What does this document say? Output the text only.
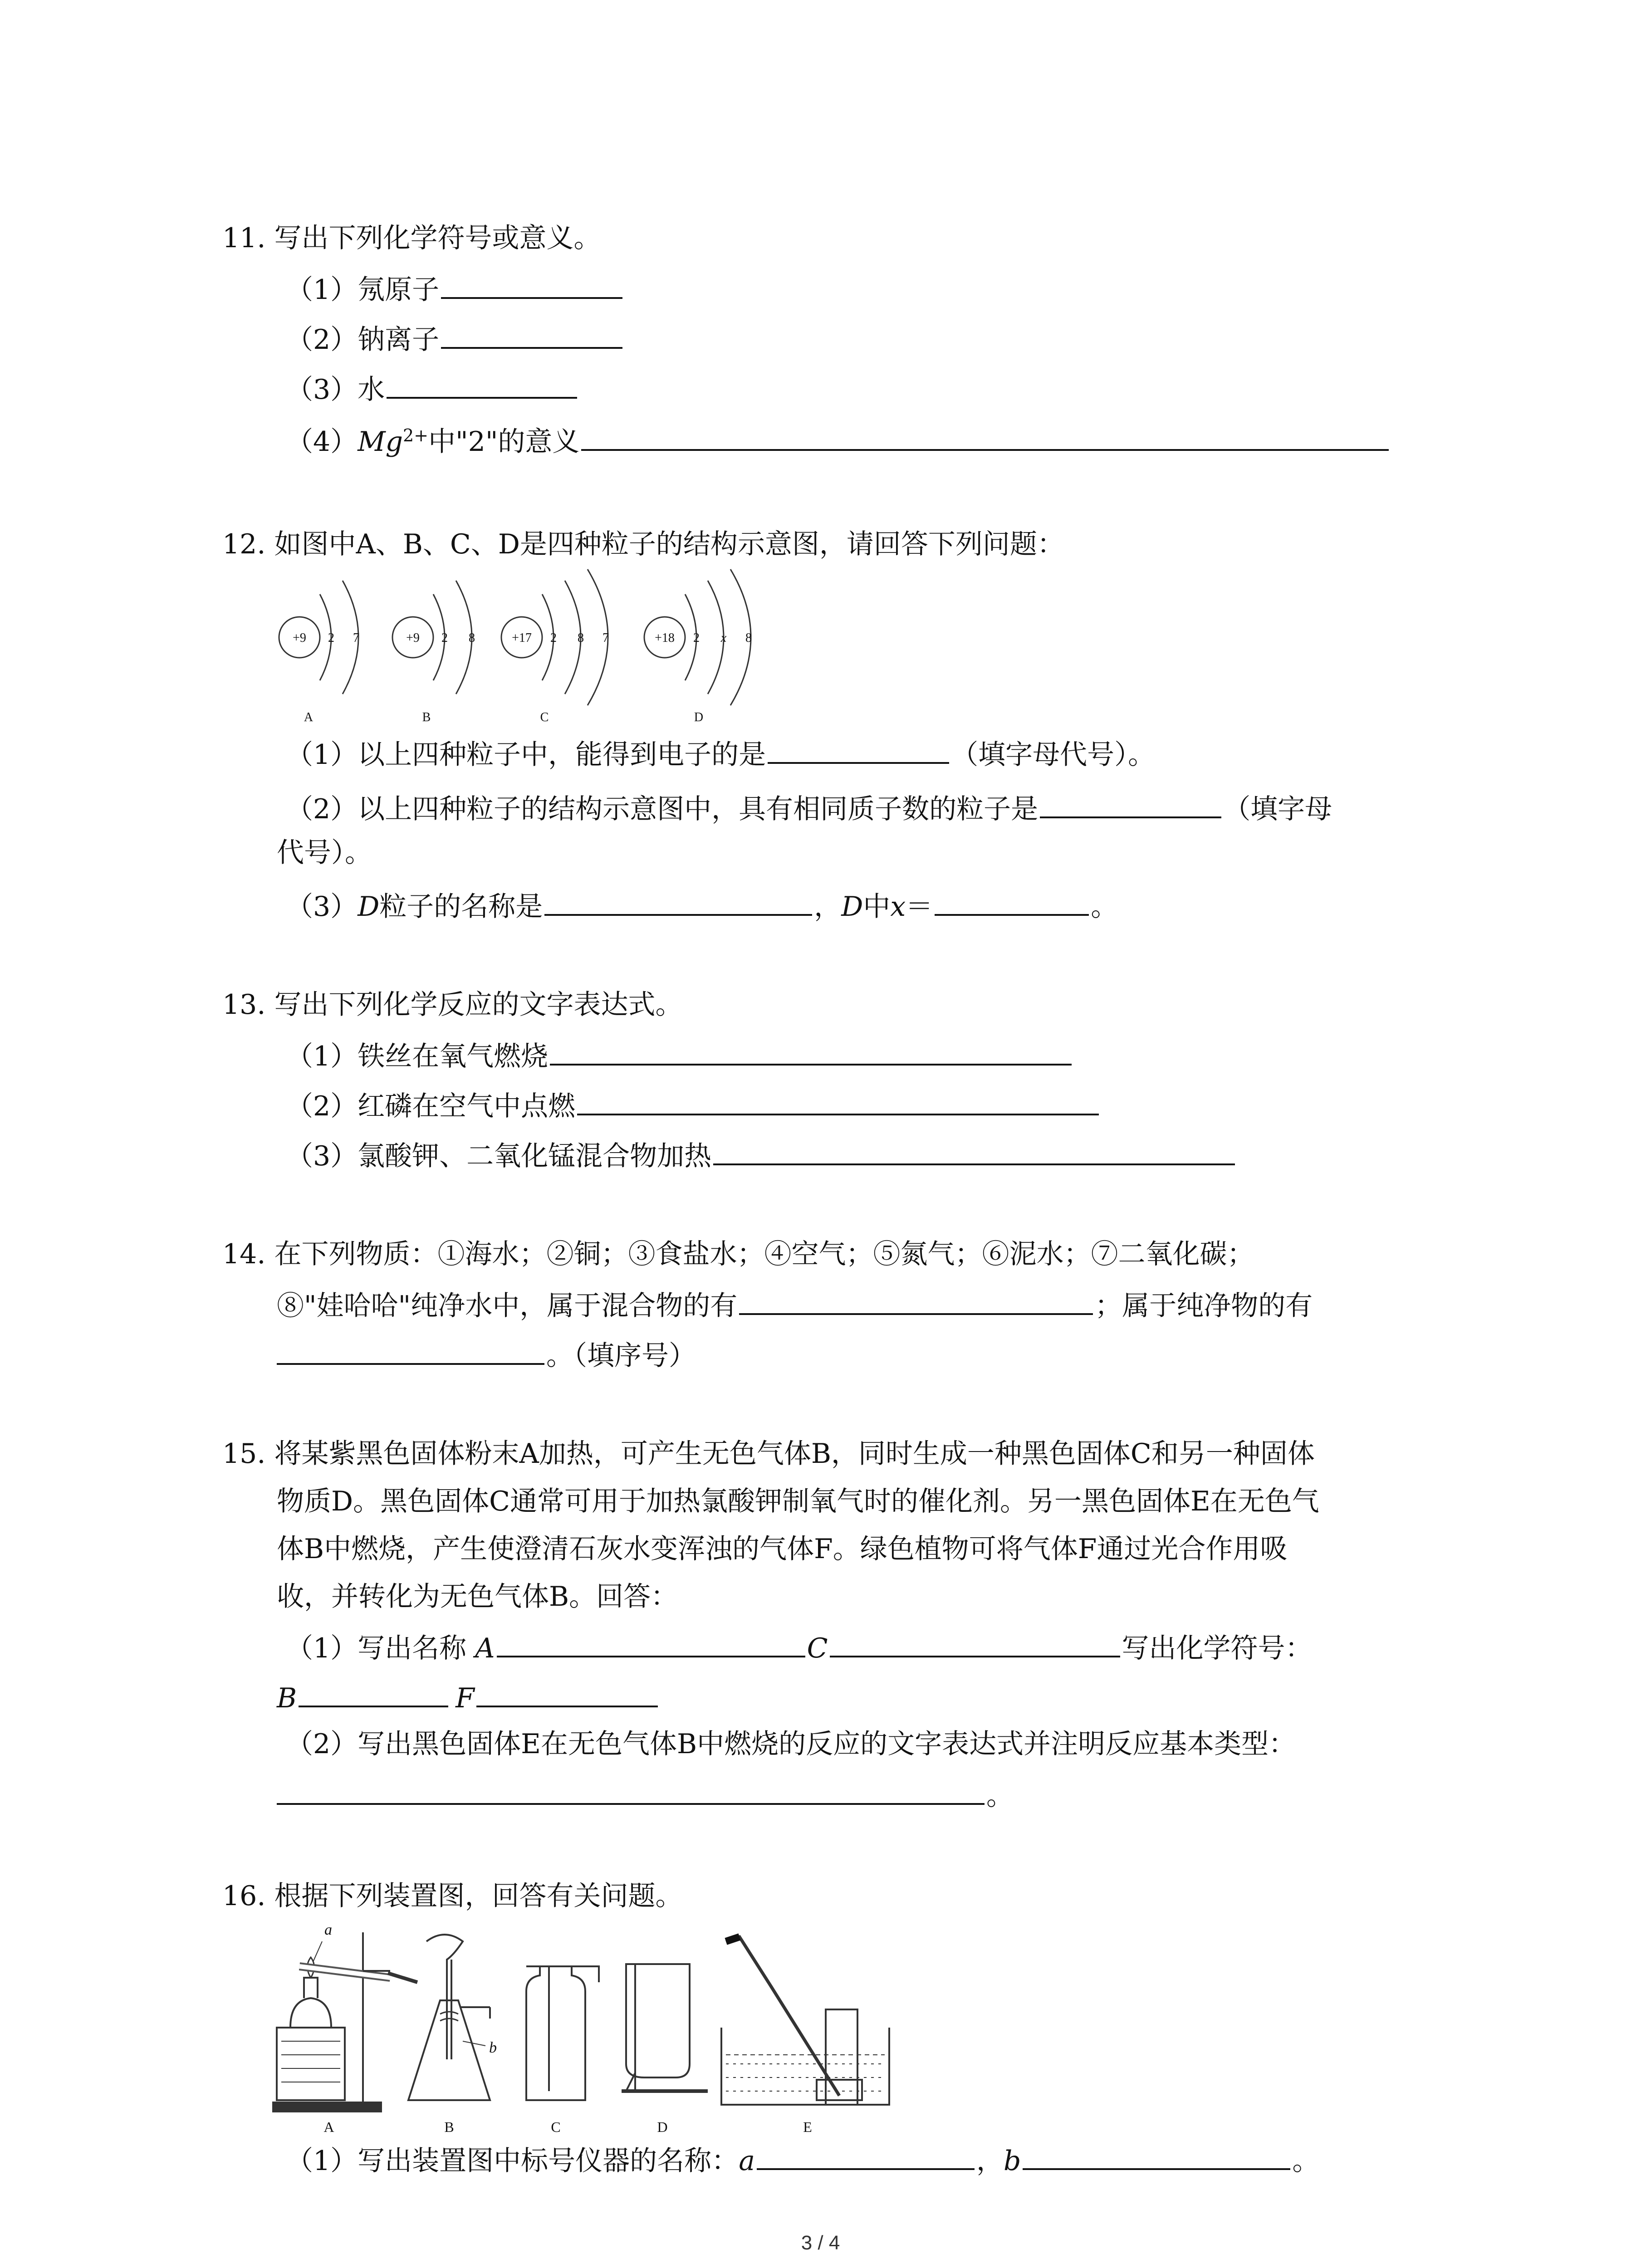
11. 写出下列化学符号或意义。
（1）氖原子
（2）钠离子
（3）水
$(4)Mg^{2+}$中"2"的意义
12. 如图中A、B、C、D是四种粒子的结构示意图，请回答下列问题：
+9 2 7
A
+9 2 8
B
+17 2 8 7
C
+18 2 x 8
D
（1）以上四种粒子中，能得到电子的是	（填字母代号）。
（2）以上四种粒子的结构示意图中，具有相同质子数的粒子是	（填字母
代号）。
（3）D粒子的名称是	，D中x＝	。
13. 写出下列化学反应的文字表达式。
（1）铁丝在氧气燃烧
（2）红磷在空气中点燃
（3）氯酸钾、二氧化锰混合物加热
14. 在下列物质：①海水；②铜；③食盐水；④空气；⑤氮气；⑥泥水；⑦二氧化碳；
⑧"娃哈哈"纯净水中，属于混合物的有	；属于纯净物的有
。（填序号）
15. 将某紫黑色固体粉末A加热，可产生无色气体B，同时生成一种黑色固体C和另一种固体
物质D。黑色固体C通常可用于加热氯酸钾制氧气时的催化剂。另一黑色固体E在无色气
体B中燃烧，产生使澄清石灰水变浑浊的气体F。绿色植物可将气体F通过光合作用吸
收，并转化为无色气体B。回答：
（1）写出名称 A	C	写出化学符号：
B	F
（2）写出黑色固体E在无色气体B中燃烧的反应的文字表达式并注明反应基本类型：
。
16. 根据下列装置图，回答有关问题。
a
b
A	B	C	D	E
（1）写出装置图中标号仪器的名称：a	，b	。
3 / 4
